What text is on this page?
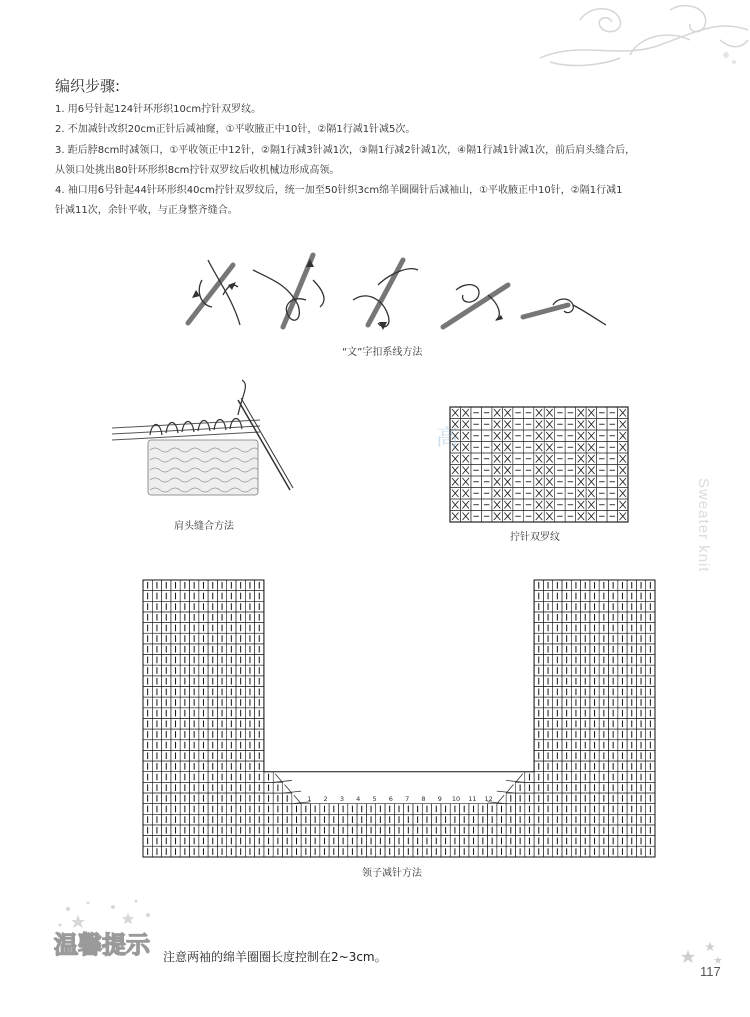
Sweater knit
编织步骤:
1. 用6号针起124针环形织10cm拧针双罗纹。
2. 不加减针改织20cm正针后减袖窿，①平收腋正中10针，②隔1行减1针减5次。
3. 距后脖8cm时减领口，①平收领正中12针，②隔1行减3针减1次，③隔1行减2针减1次，④隔1行减1针减1次，前后肩头缝合后，
从领口处挑出80针环形织8cm拧针双罗纹后收机械边形成高领。
4. 袖口用6号针起44针环形织40cm拧针双罗纹后，统一加至50针织3cm绵羊圈圈针后减袖山，①平收腋正中10针，②隔1行减1
针减11次，余针平收，与正身整齐缝合。
“文”字扣系线方法
肩头缝合方法
高
拧针双罗纹
1 2 3 4 5 6 7 8 9 10 11 12
领子减针方法
温馨提示 注意两袖的绵羊圈圈长度控制在2~3cm。
117
